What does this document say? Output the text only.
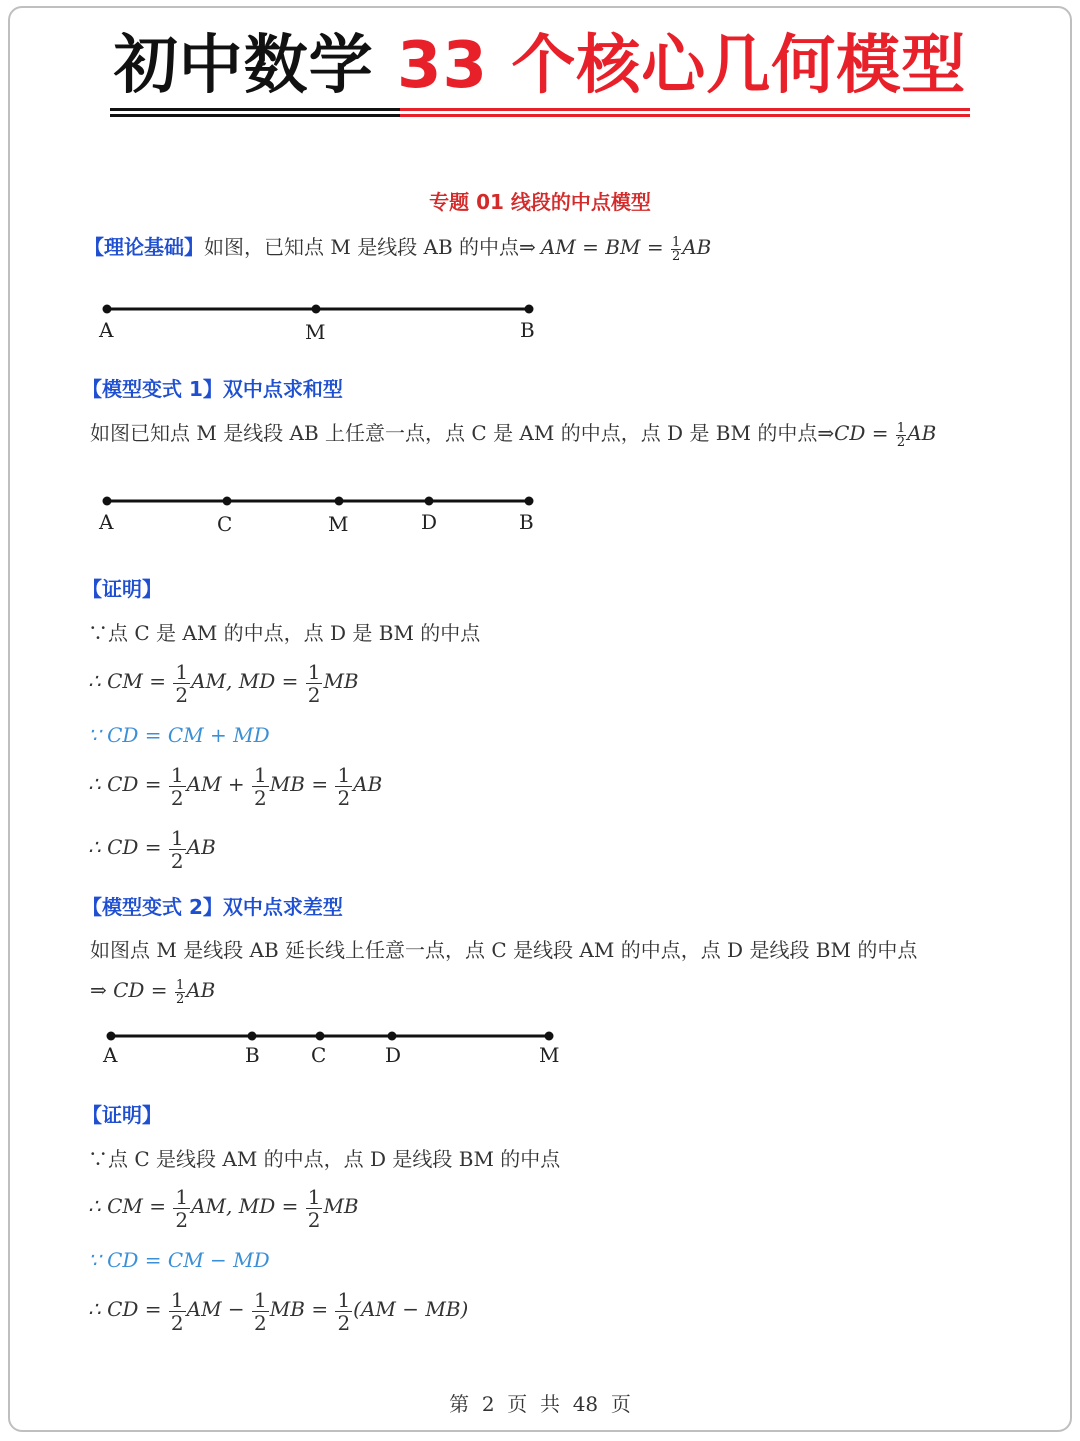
初中数学 33 个核心几何模型
专题 01 线段的中点模型
【理论基础】如图，已知点 M 是线段 AB 的中点⇒ AM = BM = $\frac{1}{2}$ AB
A	M	B
【模型变式 1】双中点求和型
如图已知点 M 是线段 AB 上任意一点，点 C 是 AM 的中点，点 D 是 BM 的中点⇒CD = $\frac{1}{2}$ AB
A	C	M	D	B
【证明】
∵点 C 是 AM 的中点，点 D 是 BM 的中点
∴ CM = $\frac{1}{2}$ AM, MD = $\frac{1}{2}$ MB
∵ CD = CM + MD
∴ CD = $\frac{1}{2}$ AM + $\frac{1}{2}$ MB = $\frac{1}{2}$ AB
∴ CD = $\frac{1}{2}$ AB
【模型变式 2】双中点求差型
如图点 M 是线段 AB 延长线上任意一点，点 C 是线段 AM 的中点，点 D 是线段 BM 的中点
⇒ CD = $\frac{1}{2}$ AB
A	B	C	D	M
【证明】
∵点 C 是线段 AM 的中点，点 D 是线段 BM 的中点
∴ CM = $\frac{1}{2}$ AM, MD = $\frac{1}{2}$ MB
∵ CD = CM − MD
∴ CD = $\frac{1}{2}$ AM − $\frac{1}{2}$ MB = $\frac{1}{2} (AM - MB)$
第  2  页  共  48  页
